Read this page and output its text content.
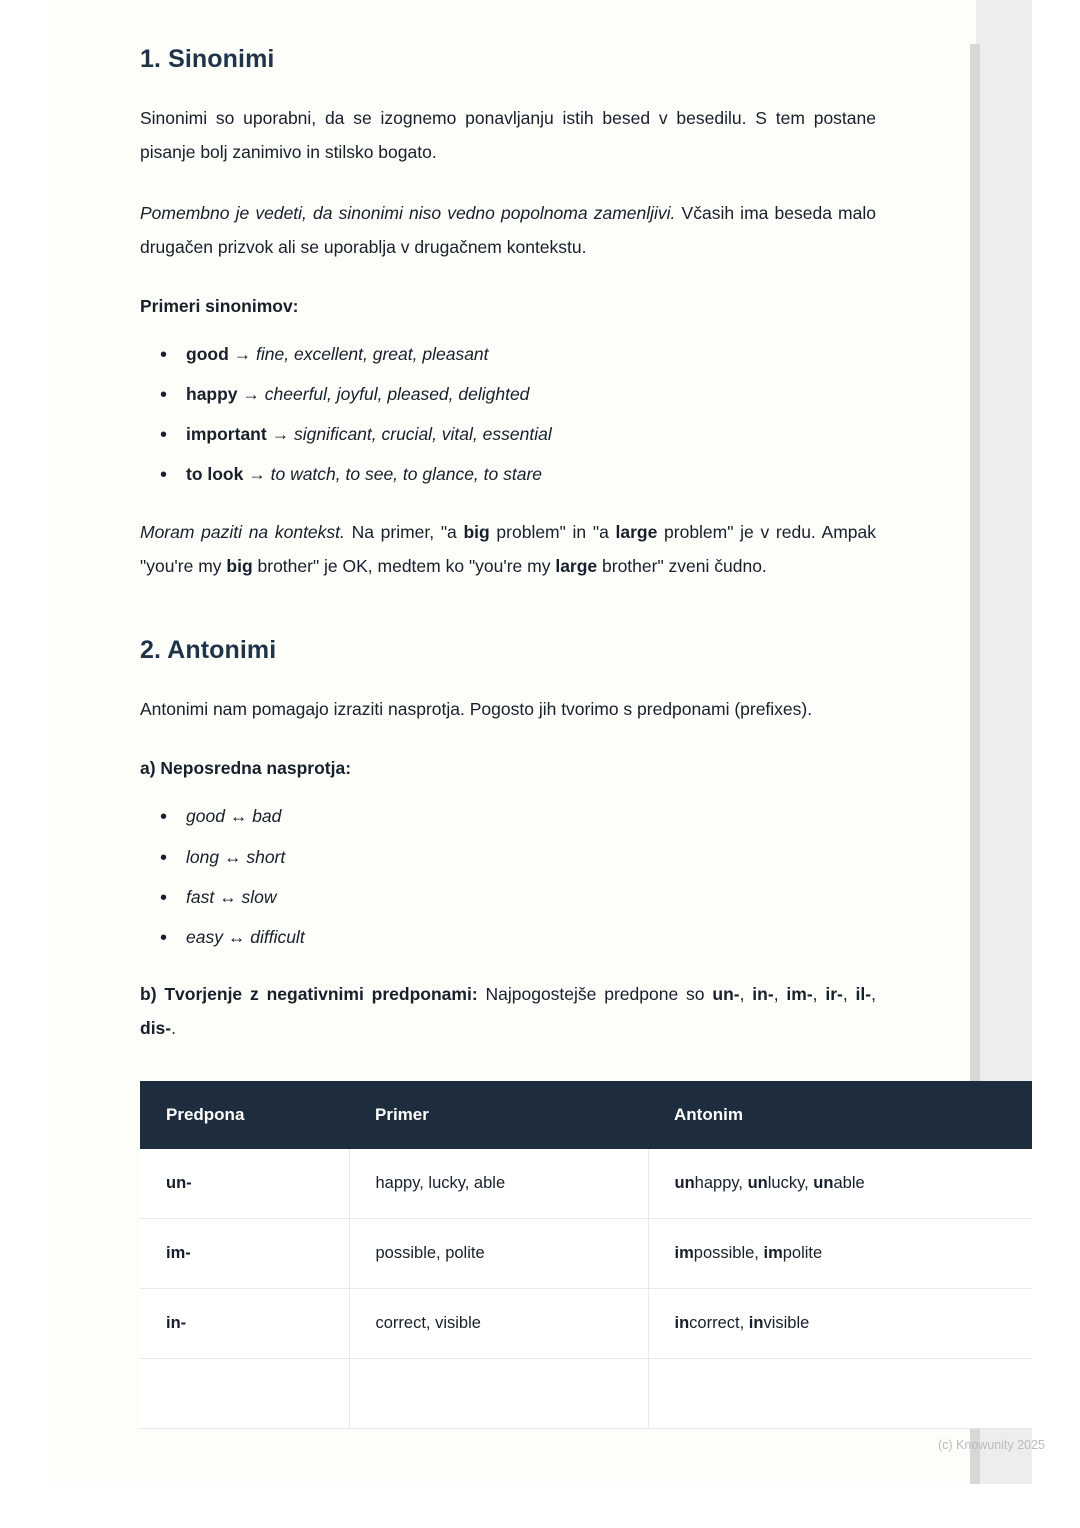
1. Sinonimi

Sinonimi so uporabni, da se izognemo ponavljanju istih besed v besedilu. S tem postane pisanje bolj zanimivo in stilsko bogato.

Pomembno je vedeti, da sinonimi niso vedno popolnoma zamenljivi. Včasih ima beseda malo drugačen prizvok ali se uporablja v drugačnem kontekstu.

Primeri sinonimov:

• good → fine, excellent, great, pleasant
• happy → cheerful, joyful, pleased, delighted
• important → significant, crucial, vital, essential
• to look → to watch, to see, to glance, to stare

Moram paziti na kontekst. Na primer, "a big problem" in "a large problem" je v redu. Ampak "you're my big brother" je OK, medtem ko "you're my large brother" zveni čudno.

2. Antonimi

Antonimi nam pomagajo izraziti nasprotja. Pogosto jih tvorimo s predponami (prefixes).

a) Neposredna nasprotja:

• good ↔ bad
• long ↔ short
• fast ↔ slow
• easy ↔ difficult

b) Tvorjenje z negativnimi predponami: Najpogostejše predpone so un-, in-, im-, ir-, il-, dis-.

Predpona	Primer	Antonim
un-	happy, lucky, able	unhappy, unlucky, unable
im-	possible, polite	impossible, impolite
in-	correct, visible	incorrect, invisible

(c) Knowunity 2025
